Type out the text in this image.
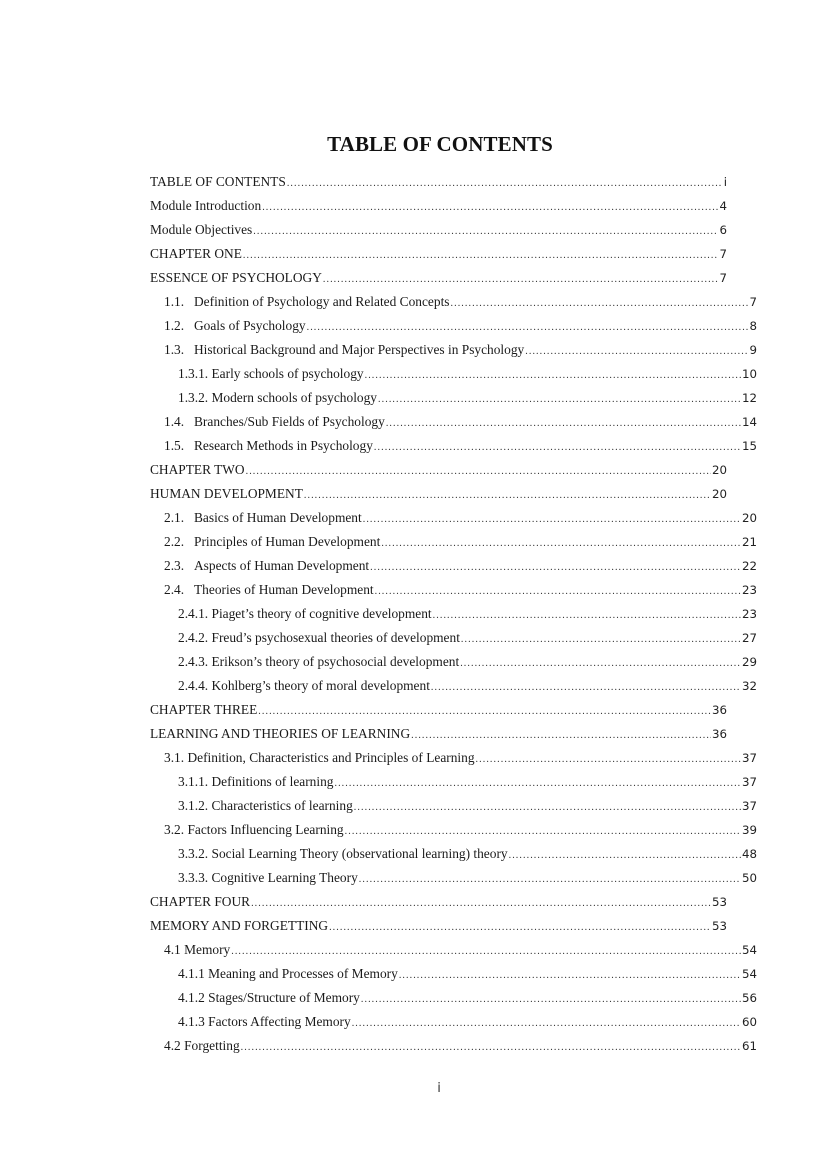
TABLE OF CONTENTS
TABLE OF CONTENTS .....	i
Module Introduction .....	4
Module Objectives .....	6
CHAPTER ONE .....	7
ESSENCE OF PSYCHOLOGY .....	7
1.1. Definition of Psychology and Related Concepts .....	7
1.2. Goals of Psychology .....	8
1.3. Historical Background and Major Perspectives in Psychology .....	9
1.3.1. Early schools of psychology .....	10
1.3.2. Modern schools of psychology .....	12
1.4. Branches/Sub Fields of Psychology .....	14
1.5. Research Methods in Psychology .....	15
CHAPTER TWO .....	20
HUMAN DEVELOPMENT .....	20
2.1. Basics of Human Development .....	20
2.2. Principles of Human Development .....	21
2.3. Aspects of Human Development .....	22
2.4. Theories of Human Development .....	23
2.4.1. Piaget’s theory of cognitive development .....	23
2.4.2. Freud’s psychosexual theories of development .....	27
2.4.3. Erikson’s theory of psychosocial development .....	29
2.4.4. Kohlberg’s theory of moral development .....	32
CHAPTER THREE .....	36
LEARNING AND THEORIES OF LEARNING .....	36
3.1. Definition, Characteristics and Principles of Learning .....	37
3.1.1. Definitions of learning .....	37
3.1.2. Characteristics of learning .....	37
3.2. Factors Influencing Learning .....	39
3.3.2. Social Learning Theory (observational learning) theory .....	48
3.3.3. Cognitive Learning Theory .....	50
CHAPTER FOUR .....	53
MEMORY AND FORGETTING .....	53
4.1 Memory .....	54
4.1.1 Meaning and Processes of Memory .....	54
4.1.2 Stages/Structure of Memory .....	56
4.1.3 Factors Affecting Memory .....	60
4.2 Forgetting .....	61
i
